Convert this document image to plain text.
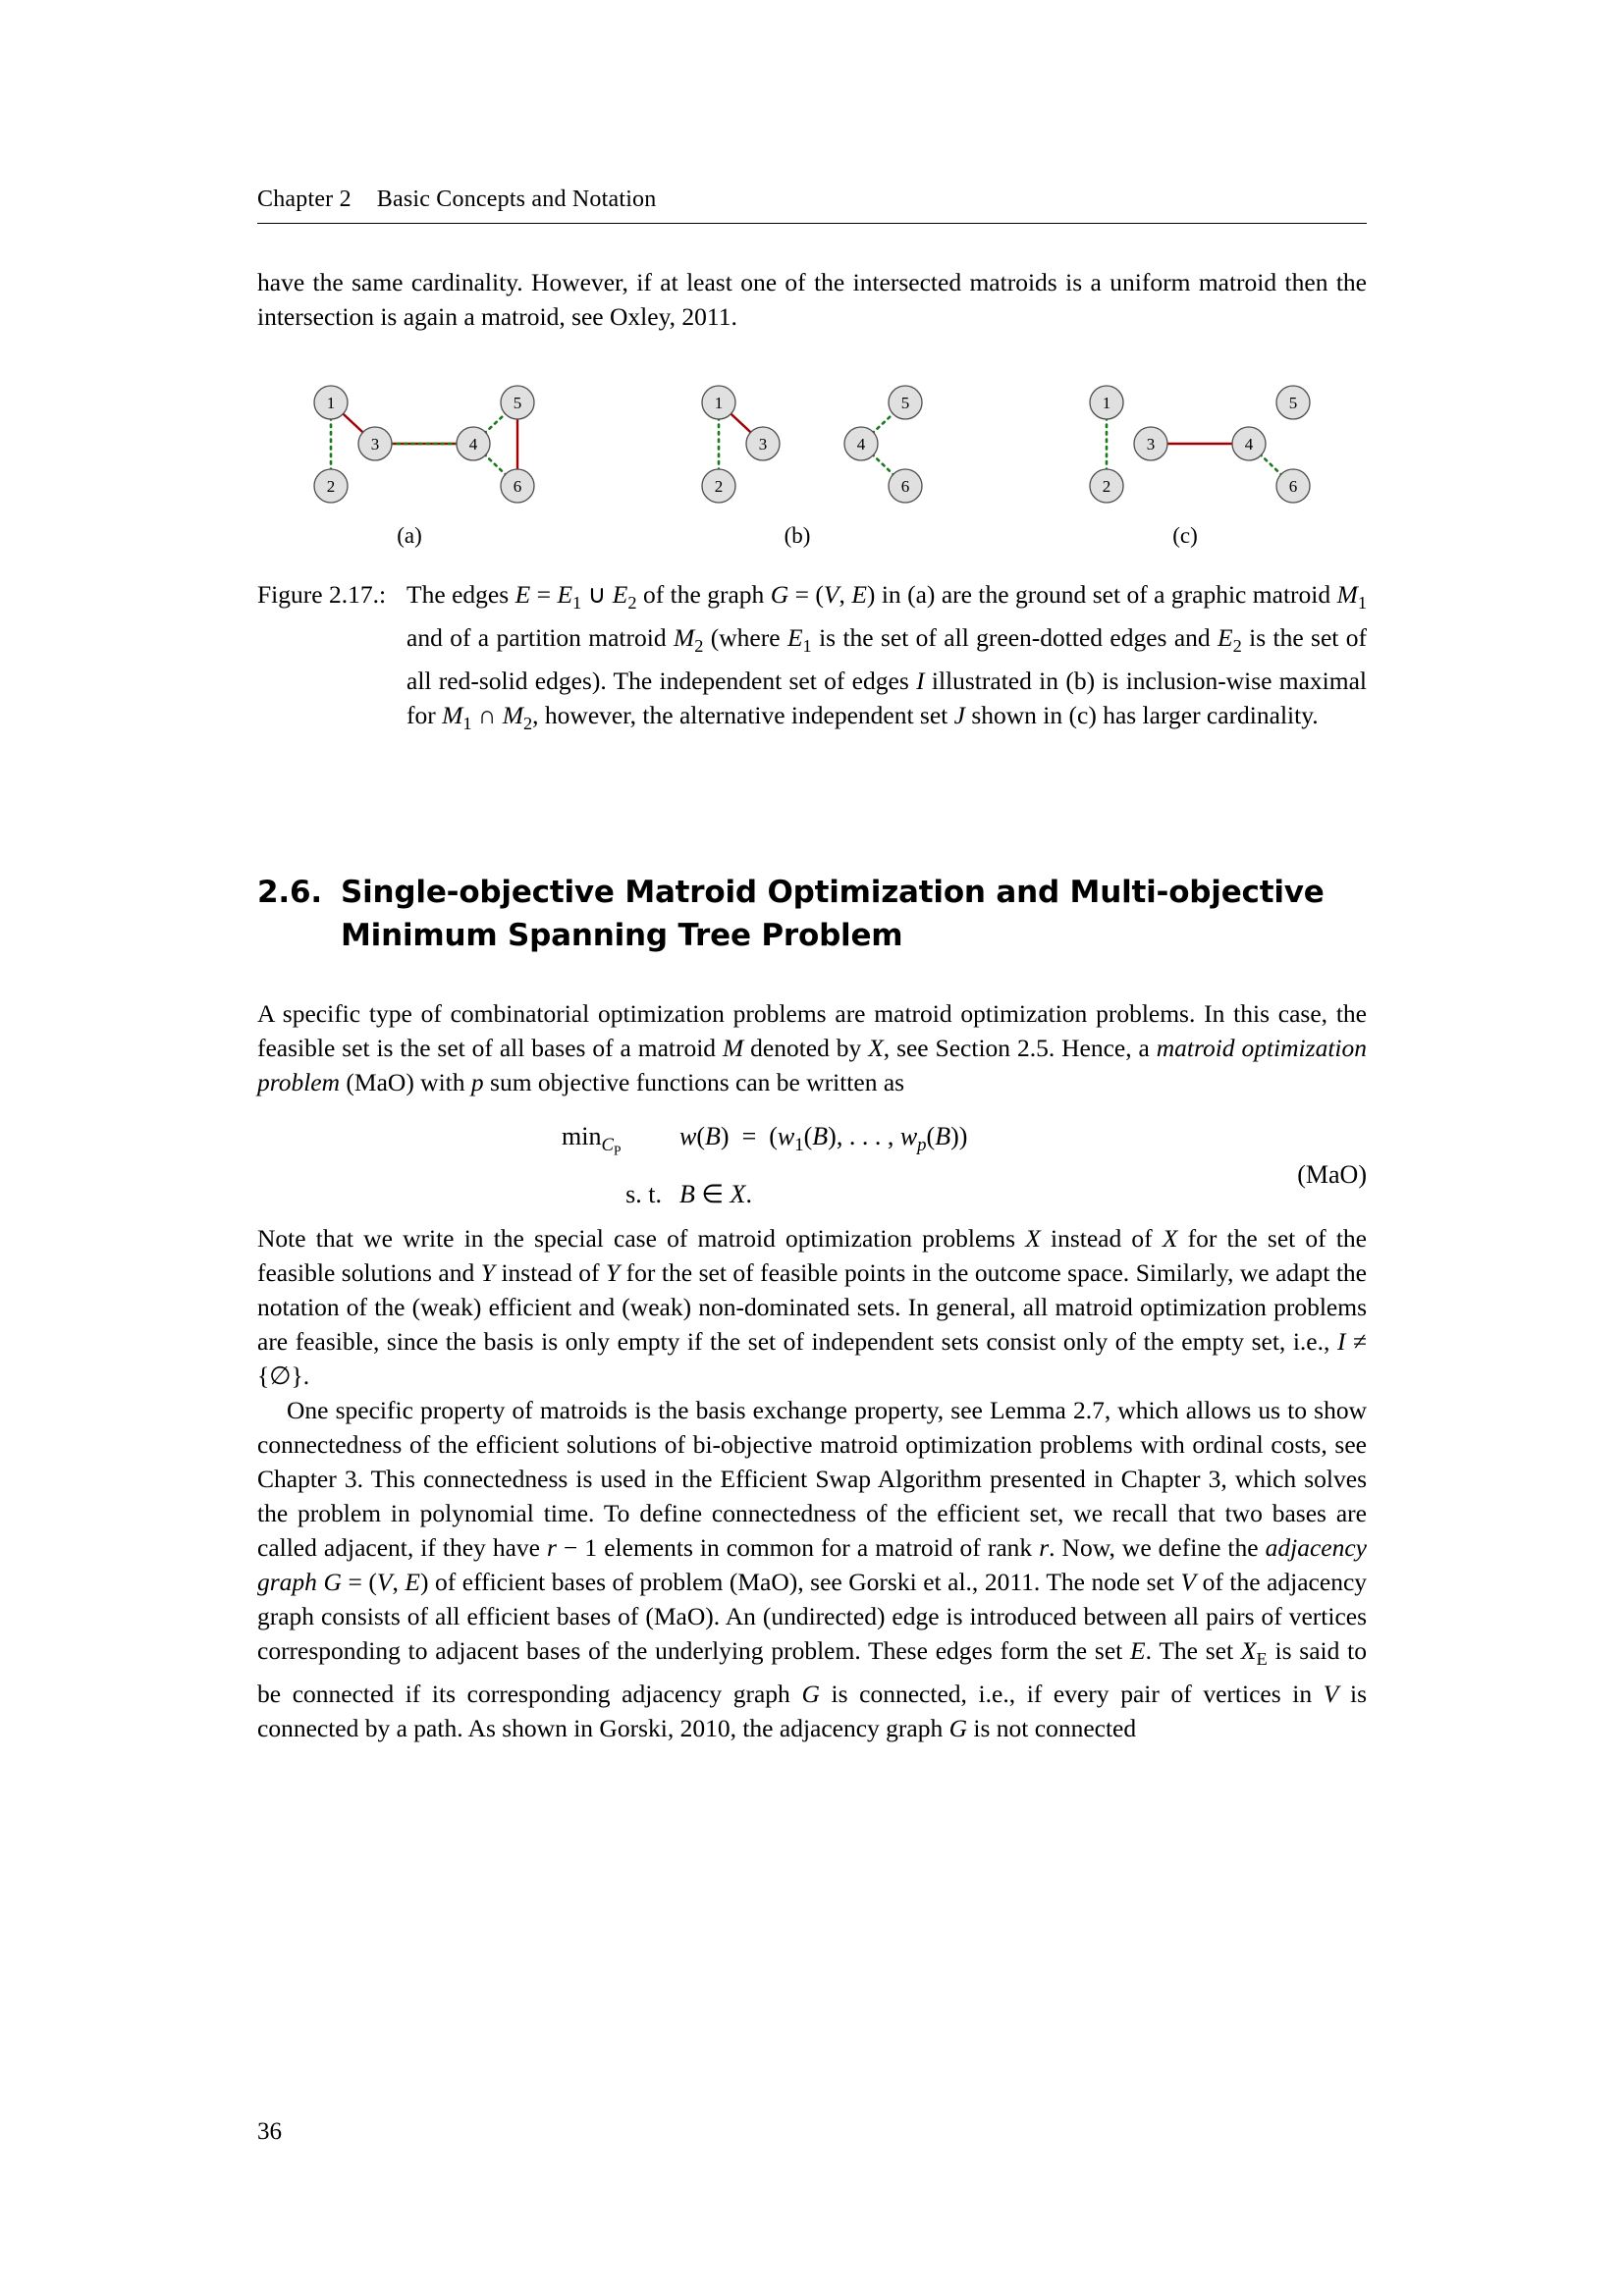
Chapter 2 Basic Concepts and Notation

have the same cardinality. However, if at least one of the intersected matroids is a uniform matroid then the intersection is again a matroid, see Oxley, 2011.

1
2
3	4
5
6
1
2
3	4
5
6
1
2
3	4
5
6
(a)	(b)	(c)
Figure 2.17.: The edges $E = E_1$ ∪ $E_2$ of the graph G = (V, E) in (a) are the ground set of a graphic matroid $M_1$ and of a partition matroid $M_2$ (where $E_1$ is the set of all green-dotted edges and $E_2$ is the set of all red-solid edges). The independent set of edges I illustrated in (b) is inclusion-wise maximal for $M_1$ ∩ $M_2$, however, the alternative independent set J shown in (c) has larger cardinality.
2.6. Single-objective Matroid Optimization and Multi-objective Minimum Spanning Tree Problem

A specific type of combinatorial optimization problems are matroid optimization problems. In this case, the feasible set is the set of all bases of a matroid M denoted by X, see Section 2.5. Hence, a matroid optimization problem (MaO) with p sum objective functions can be written as

$\min_{C_P}w(B) = (w_1(B)$, . . . , $w_p(B)$)
s. t. B ∈ X.
(MaO)

Note that we write in the special case of matroid optimization problems X instead of X for the set of the feasible solutions and Y instead of Y for the set of feasible points in the outcome space. Similarly, we adapt the notation of the (weak) efficient and (weak) non-dominated sets. In general, all matroid optimization problems are feasible, since the basis is only empty if the set of independent sets consist only of the empty set, i.e., I ≠ {∅}.

One specific property of matroids is the basis exchange property, see Lemma 2.7, which allows us to show connectedness of the efficient solutions of bi-objective matroid optimization problems with ordinal costs, see Chapter 3. This connectedness is used in the Efficient Swap Algorithm presented in Chapter 3, which solves the problem in polynomial time. To define connectedness of the efficient set, we recall that two bases are called adjacent, if they have r − 1 elements in common for a matroid of rank r. Now, we define the adjacency graph G = (V, E) of efficient bases of problem (MaO), see Gorski et al., 2011. The node set V of the adjacency graph consists of all efficient bases of (MaO). An (undirected) edge is introduced between all pairs of vertices corresponding to adjacent bases of the underlying problem. These edges form the set E. The set $X_E$ is said to be connected if its corresponding adjacency graph G is connected, i.e., if every pair of vertices in V is connected by a path. As shown in Gorski, 2010, the adjacency graph G is not connected

36
